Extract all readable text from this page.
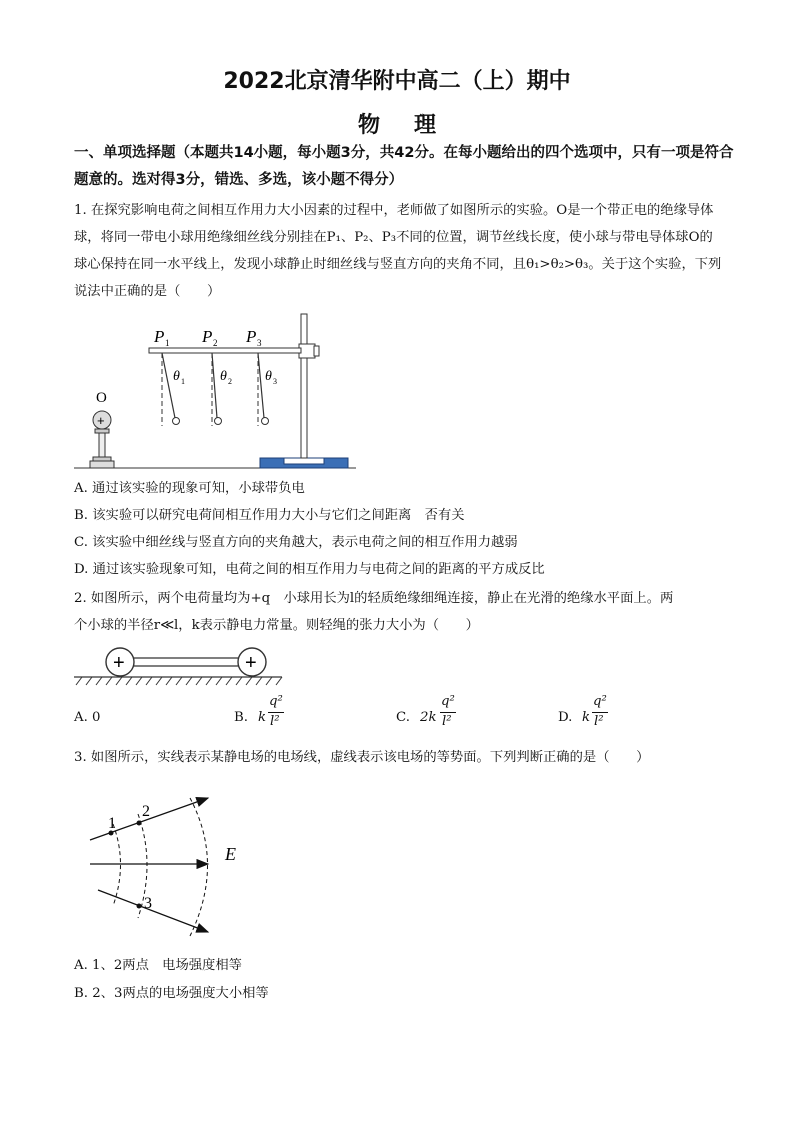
2022北京清华附中高二（上）期中
物理
一、单项选择题（本题共14小题，每小题3分，共42分。在每小题给出的四个选项中，只有一项是符合题意的。选对得3分，错选、多选，该小题不得分）
1. 在探究影响电荷之间相互作用力大小因素的过程中，老师做了如图所示的实验。O是一个带正电的绝缘导体球，将同一带电小球用绝缘细丝线分别挂在P₁、P₂、P₃不同的位置，调节丝线长度，使小球与带电导体球O的球心保持在同一水平线上，发现小球静止时细丝线与竖直方向的夹角不同，且θ₁>θ₂>θ₃。关于这个实验，下列说法中正确的是（　　）
P 1 P 2 P 3
θ 1	θ 2 θ 3
O
+
A. 通过该实验的现象可知，小球带负电
B. 该实验可以研究电荷间相互作用力大小与它们之间距离　否有关
C. 该实验中细丝线与竖直方向的夹角越大，表示电荷之间的相互作用力越弱
D. 通过该实验现象可知，电荷之间的相互作用力与电荷之间的距离的平方成反比
2. 如图所示，两个电荷量均为+q　小球用长为l的轻质绝缘细绳连接，静止在光滑的绝缘水平面上。两
个小球的半径r≪l，k表示静电力常量。则轻绳的张力大小为（　　）
+	+
A. 0	B. k
q²
l²	C. 2k
q²
l²	D. k
q²
l²
3. 如图所示，实线表示某静电场的电场线，虚线表示该电场的等势面。下列判断正确的是（　　）
1
2
3
E
A. 1、2两点　电场强度相等
B. 2、3两点的电场强度大小相等
